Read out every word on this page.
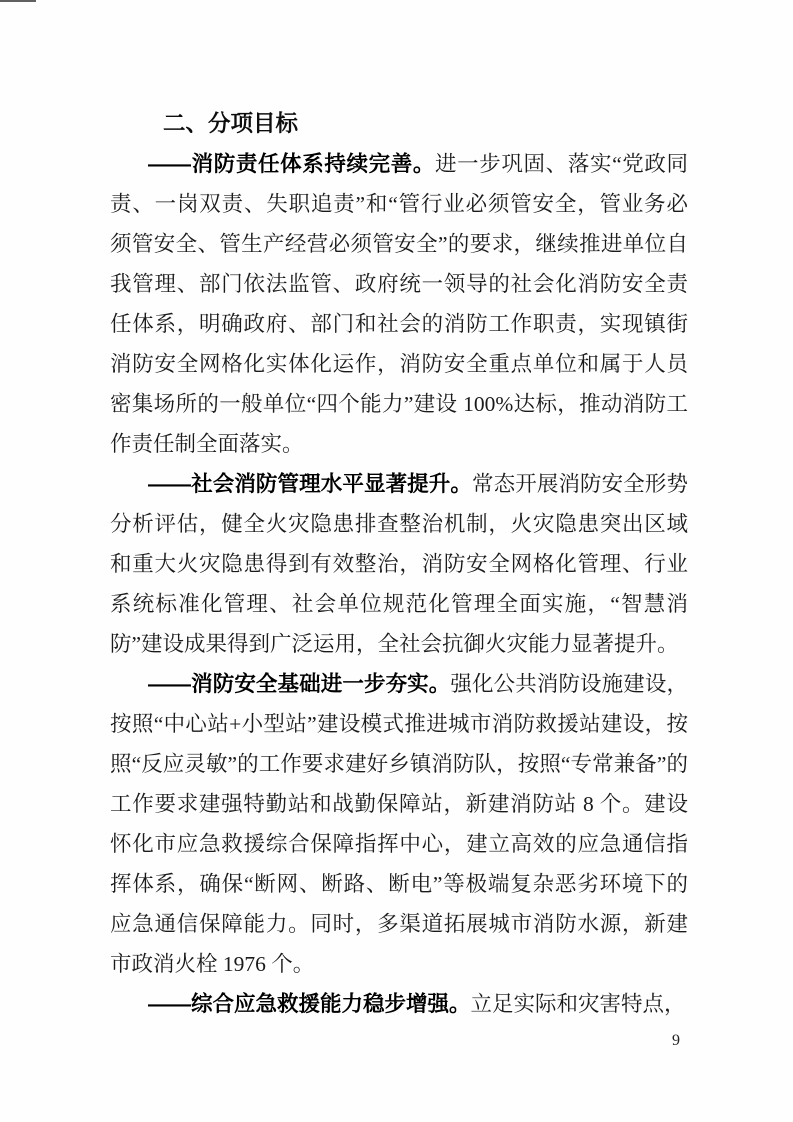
二、分项目标

——消防责任体系持续完善。进一步巩固、落实“党政同责、一岗双责、失职追责”和“管行业必须管安全，管业务必须管安全、管生产经营必须管安全”的要求，继续推进单位自我管理、部门依法监管、政府统一领导的社会化消防安全责任体系，明确政府、部门和社会的消防工作职责，实现镇街消防安全网格化实体化运作，消防安全重点单位和属于人员密集场所的一般单位“四个能力”建设 100%达标，推动消防工作责任制全面落实。

——社会消防管理水平显著提升。常态开展消防安全形势分析评估，健全火灾隐患排查整治机制，火灾隐患突出区域和重大火灾隐患得到有效整治，消防安全网格化管理、行业系统标准化管理、社会单位规范化管理全面实施，“智慧消防”建设成果得到广泛运用，全社会抗御火灾能力显著提升。

——消防安全基础进一步夯实。强化公共消防设施建设，按照“中心站+小型站”建设模式推进城市消防救援站建设，按照“反应灵敏”的工作要求建好乡镇消防队，按照“专常兼备”的工作要求建强特勤站和战勤保障站，新建消防站 8 个。建设怀化市应急救援综合保障指挥中心，建立高效的应急通信指挥体系，确保“断网、断路、断电”等极端复杂恶劣环境下的应急通信保障能力。同时，多渠道拓展城市消防水源，新建市政消火栓 1976 个。

——综合应急救援能力稳步增强。立足实际和灾害特点，

9
